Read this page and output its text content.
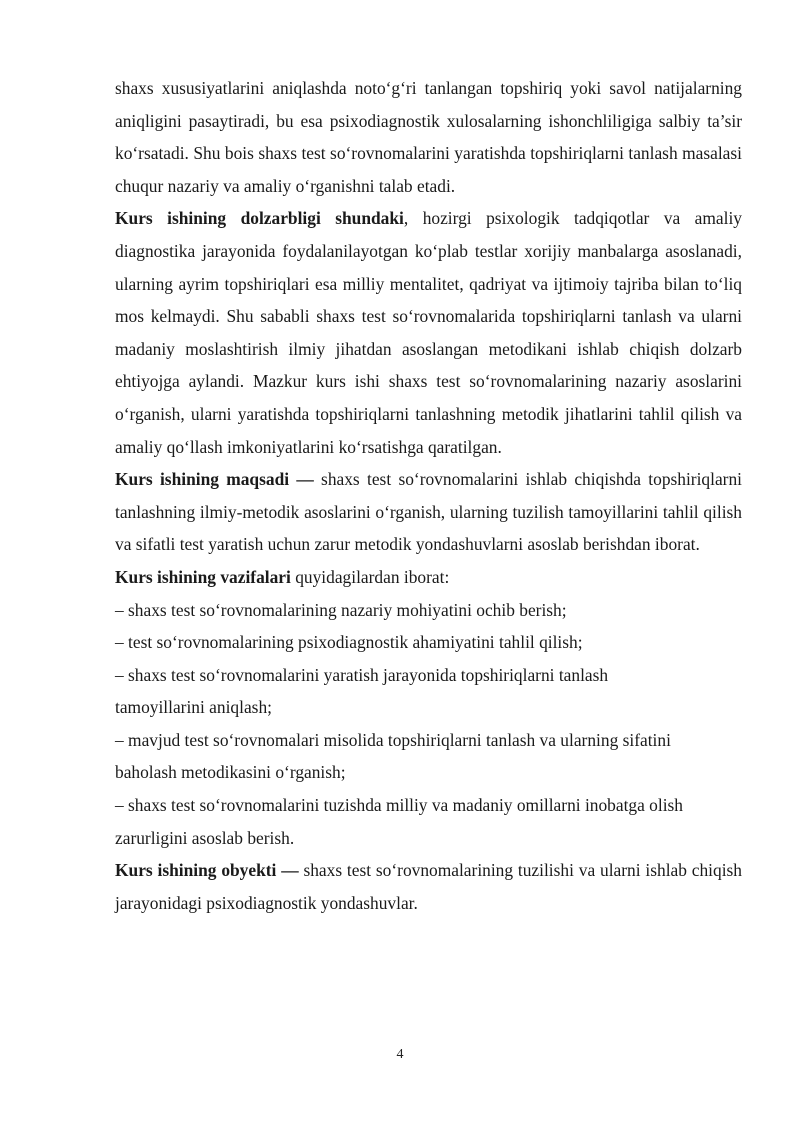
shaxs xususiyatlarini aniqlashda noto‘g‘ri tanlangan topshiriq yoki savol natijalarning aniqligini pasaytiradi, bu esa psixodiagnostik xulosalarning ishonchliligiga salbiy ta’sir ko‘rsatadi. Shu bois shaxs test so‘rovnomalarini yaratishda topshiriqlarni tanlash masalasi chuqur nazariy va amaliy o‘rganishni talab etadi.

Kurs ishining dolzarbligi shundaki, hozirgi psixologik tadqiqotlar va amaliy diagnostika jarayonida foydalanilayotgan ko‘plab testlar xorijiy manbalarga asoslanadi, ularning ayrim topshiriqlari esa milliy mentalitet, qadriyat va ijtimoiy tajriba bilan to‘liq mos kelmaydi. Shu sababli shaxs test so‘rovnomalarida topshiriqlarni tanlash va ularni madaniy moslashtirish ilmiy jihatdan asoslangan metodikani ishlab chiqish dolzarb ehtiyojga aylandi. Mazkur kurs ishi shaxs test so‘rovnomalarining nazariy asoslarini o‘rganish, ularni yaratishda topshiriqlarni tanlashning metodik jihatlarini tahlil qilish va amaliy qo‘llash imkoniyatlarini ko‘rsatishga qaratilgan.

Kurs ishining maqsadi — shaxs test so‘rovnomalarini ishlab chiqishda topshiriqlarni tanlashning ilmiy-metodik asoslarini o‘rganish, ularning tuzilish tamoyillarini tahlil qilish va sifatli test yaratish uchun zarur metodik yondashuvlarni asoslab berishdan iborat.

Kurs ishining vazifalari quyidagilardan iborat:

– shaxs test so‘rovnomalarining nazariy mohiyatini ochib berish;

– test so‘rovnomalarining psixodiagnostik ahamiyatini tahlil qilish;

– shaxs test so‘rovnomalarini yaratish jarayonida topshiriqlarni tanlash tamoyillarini aniqlash;

– mavjud test so‘rovnomalari misolida topshiriqlarni tanlash va ularning sifatini baholash metodikasini o‘rganish;

– shaxs test so‘rovnomalarini tuzishda milliy va madaniy omillarni inobatga olish zarurligini asoslab berish.

Kurs ishining obyekti — shaxs test so‘rovnomalarining tuzilishi va ularni ishlab chiqish jarayonidagi psixodiagnostik yondashuvlar.

4
